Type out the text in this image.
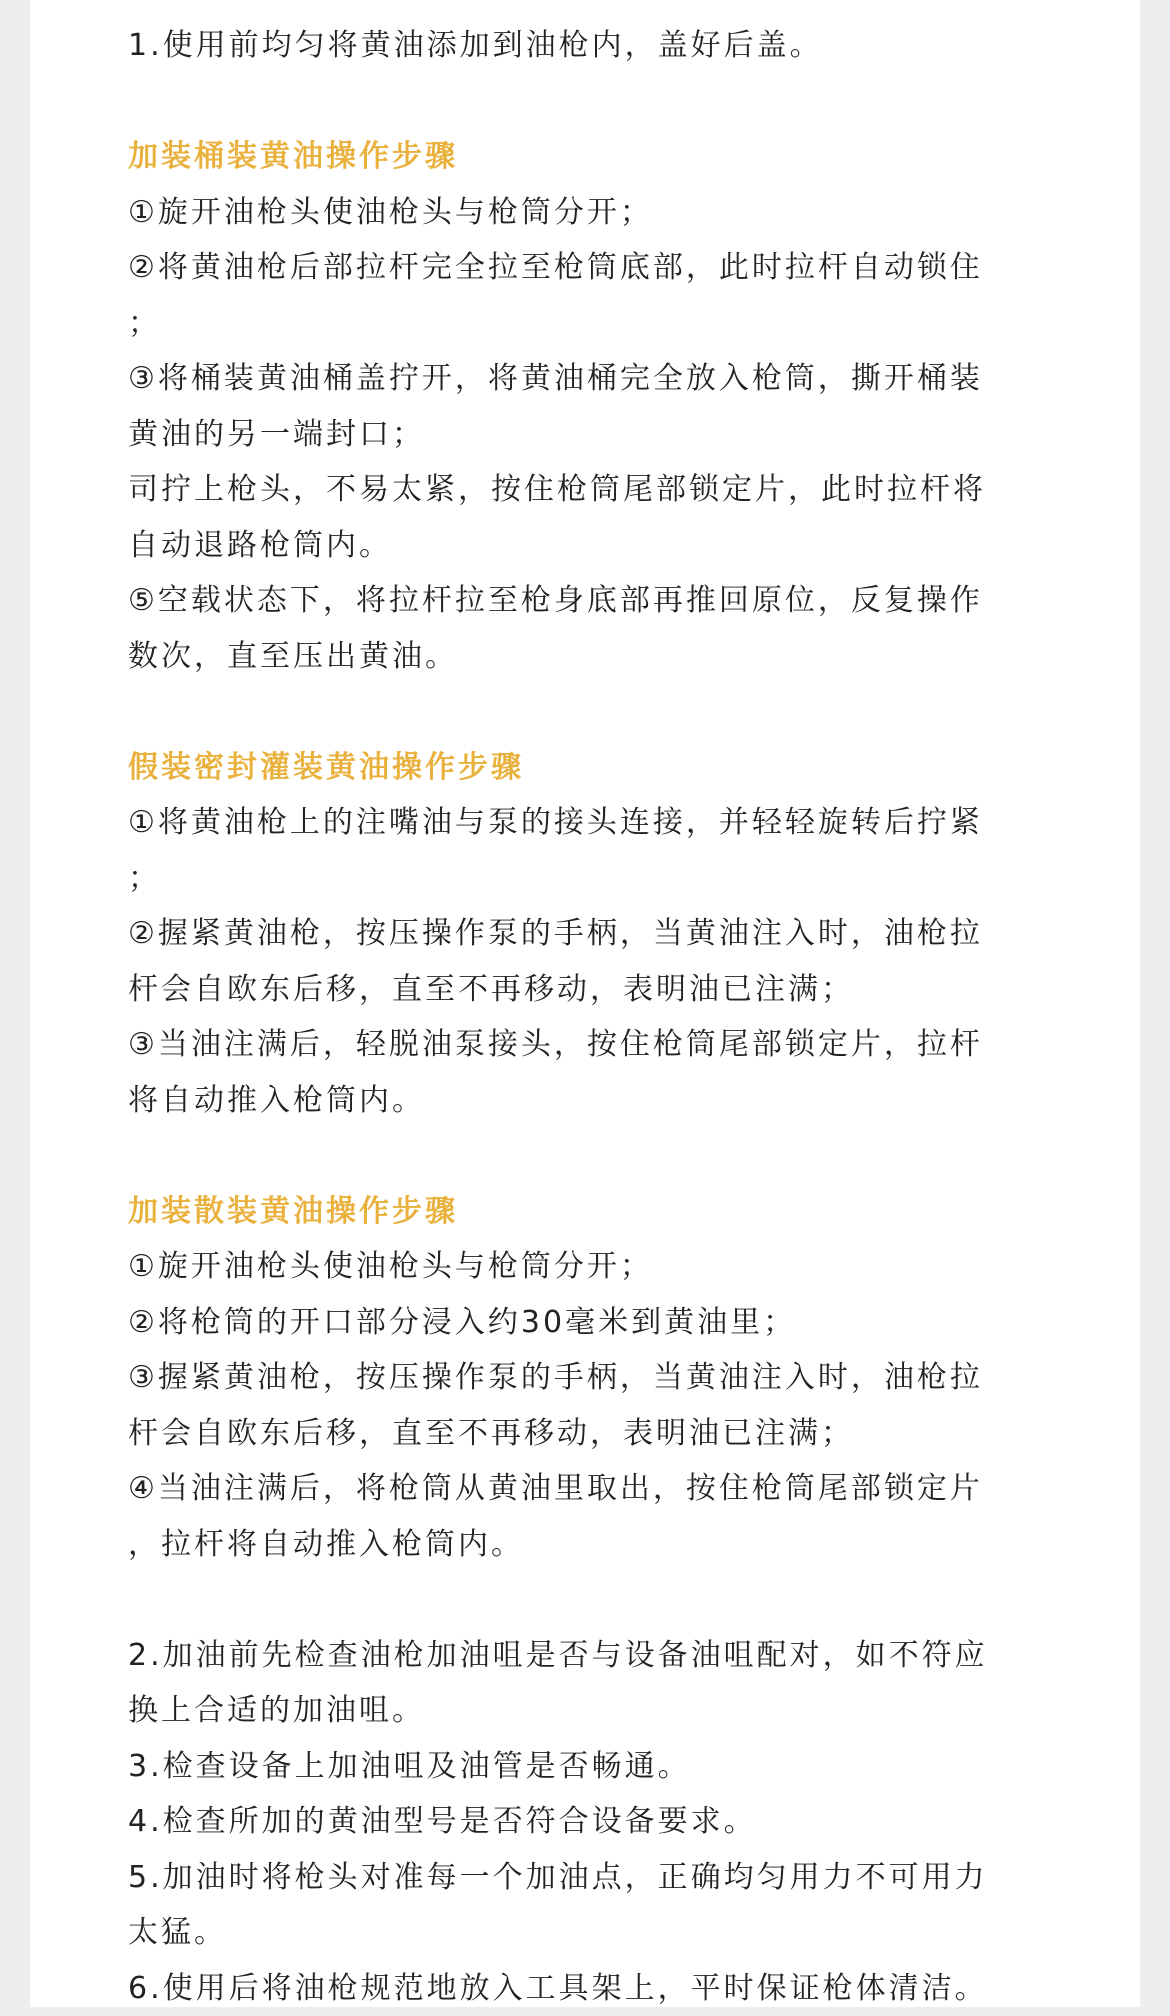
1.使用前均匀将黄油添加到油枪内，盖好后盖。
加装桶装黄油操作步骤
①旋开油枪头使油枪头与枪筒分开；
②将黄油枪后部拉杆完全拉至枪筒底部，此时拉杆自动锁住
；
③将桶装黄油桶盖拧开，将黄油桶完全放入枪筒，撕开桶装
黄油的另一端封口；
司拧上枪头，不易太紧，按住枪筒尾部锁定片，此时拉杆将
自动退路枪筒内。
⑤空载状态下，将拉杆拉至枪身底部再推回原位，反复操作
数次，直至压出黄油。
假装密封灌装黄油操作步骤
①将黄油枪上的注嘴油与泵的接头连接，并轻轻旋转后拧紧
；
②握紧黄油枪，按压操作泵的手柄，当黄油注入时，油枪拉
杆会自欧东后移，直至不再移动，表明油已注满；
③当油注满后，轻脱油泵接头，按住枪筒尾部锁定片，拉杆
将自动推入枪筒内。
加装散装黄油操作步骤
①旋开油枪头使油枪头与枪筒分开；
②将枪筒的开口部分浸入约30毫米到黄油里；
③握紧黄油枪，按压操作泵的手柄，当黄油注入时，油枪拉
杆会自欧东后移，直至不再移动，表明油已注满；
④当油注满后，将枪筒从黄油里取出，按住枪筒尾部锁定片
，拉杆将自动推入枪筒内。
2.加油前先检查油枪加油咀是否与设备油咀配对，如不符应
换上合适的加油咀。
3.检查设备上加油咀及油管是否畅通。
4.检查所加的黄油型号是否符合设备要求。
5.加油时将枪头对准每一个加油点，正确均匀用力不可用力
太猛。
6.使用后将油枪规范地放入工具架上，平时保证枪体清洁。
